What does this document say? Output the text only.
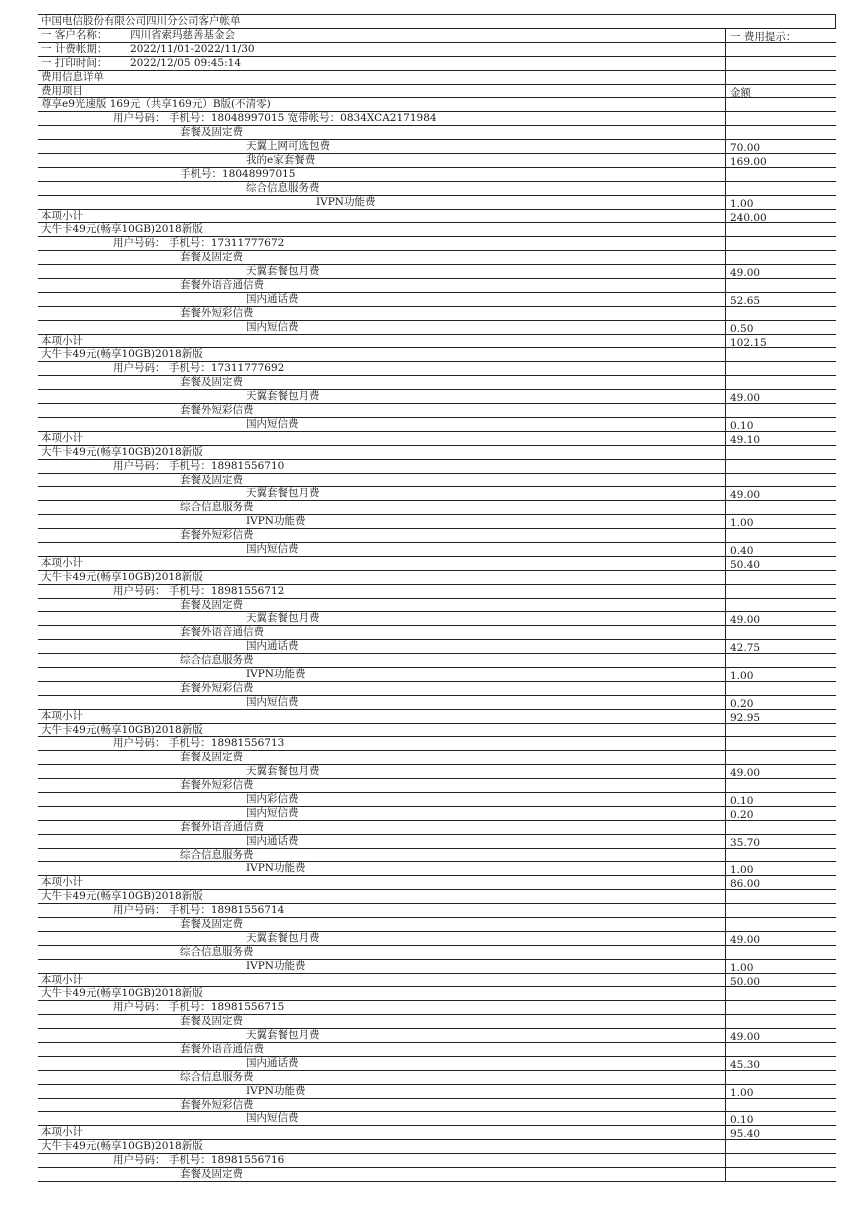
中国电信股份有限公司四川分公司客户帐单
一 客户名称： 四川省索玛慈善基金会	一 费用提示：
一 计费帐期： 2022/11/01-2022/11/30
一 打印时间： 2022/12/05 09:45:14
费用信息详单
费用项目	金额
尊享e9光速版 169元（共享169元）B版(不清零)
用户号码： 手机号：18048997015 宽带帐号：0834XCA2171984
套餐及固定费
天翼上网可选包费	70.00
我的e家套餐费	169.00
手机号：18048997015
综合信息服务费
IVPN功能费	1.00
本项小计	240.00
大牛卡49元(畅享10GB)2018新版
用户号码： 手机号：17311777672
套餐及固定费
天翼套餐包月费	49.00
套餐外语音通信费
国内通话费	52.65
套餐外短彩信费
国内短信费	0.50
本项小计	102.15
大牛卡49元(畅享10GB)2018新版
用户号码： 手机号：17311777692
套餐及固定费
天翼套餐包月费	49.00
套餐外短彩信费
国内短信费	0.10
本项小计	49.10
大牛卡49元(畅享10GB)2018新版
用户号码： 手机号：18981556710
套餐及固定费
天翼套餐包月费	49.00
综合信息服务费
IVPN功能费	1.00
套餐外短彩信费
国内短信费	0.40
本项小计	50.40
大牛卡49元(畅享10GB)2018新版
用户号码： 手机号：18981556712
套餐及固定费
天翼套餐包月费	49.00
套餐外语音通信费
国内通话费	42.75
综合信息服务费
IVPN功能费	1.00
套餐外短彩信费
国内短信费	0.20
本项小计	92.95
大牛卡49元(畅享10GB)2018新版
用户号码： 手机号：18981556713
套餐及固定费
天翼套餐包月费	49.00
套餐外短彩信费
国内彩信费	0.10
国内短信费	0.20
套餐外语音通信费
国内通话费	35.70
综合信息服务费
IVPN功能费	1.00
本项小计	86.00
大牛卡49元(畅享10GB)2018新版
用户号码： 手机号：18981556714
套餐及固定费
天翼套餐包月费	49.00
综合信息服务费
IVPN功能费	1.00
本项小计	50.00
大牛卡49元(畅享10GB)2018新版
用户号码： 手机号：18981556715
套餐及固定费
天翼套餐包月费	49.00
套餐外语音通信费
国内通话费	45.30
综合信息服务费
IVPN功能费	1.00
套餐外短彩信费
国内短信费	0.10
本项小计	95.40
大牛卡49元(畅享10GB)2018新版
用户号码： 手机号：18981556716
套餐及固定费
